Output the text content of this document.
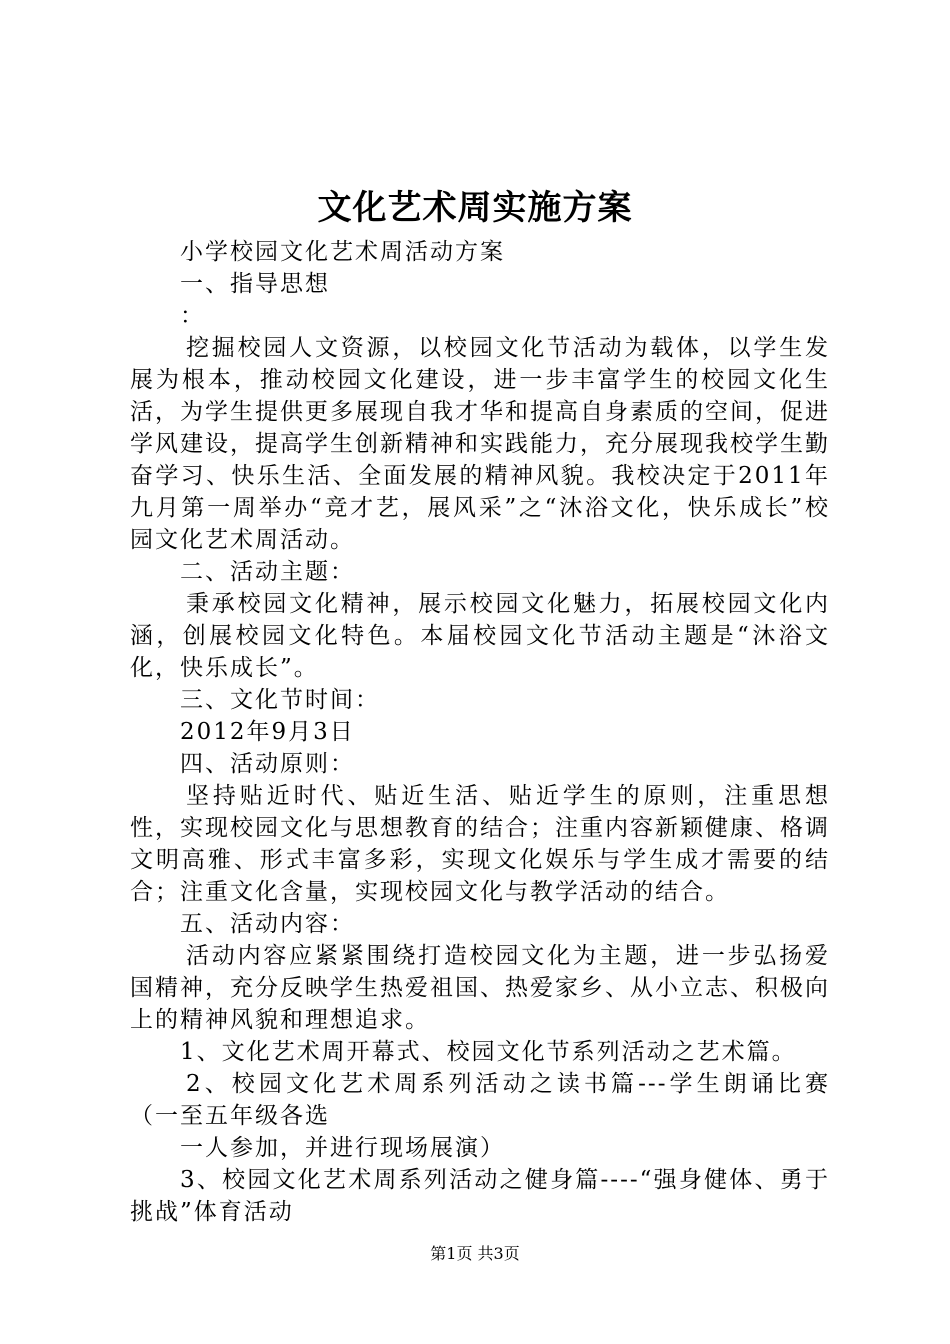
文化艺术周实施方案

小学校园文化艺术周活动方案

一、指导思想

：

挖掘校园人文资源，以校园文化节活动为载体，以学生发展为根本，推动校园文化建设，进一步丰富学生的校园文化生活，为学生提供更多展现自我才华和提高自身素质的空间，促进学风建设，提高学生创新精神和实践能力，充分展现我校学生勤奋学习、快乐生活、全面发展的精神风貌。我校决定于2011年九月第一周举办“竞才艺，展风采”之“沐浴文化，快乐成长”校园文化艺术周活动。

二、活动主题：

秉承校园文化精神，展示校园文化魅力，拓展校园文化内涵，创展校园文化特色。本届校园文化节活动主题是“沐浴文化，快乐成长”。

三、文化节时间：

2012年9月3日

四、活动原则：

坚持贴近时代、贴近生活、贴近学生的原则，注重思想性，实现校园文化与思想教育的结合；注重内容新颖健康、格调文明高雅、形式丰富多彩，实现文化娱乐与学生成才需要的结合；注重文化含量，实现校园文化与教学活动的结合。

五、活动内容：

活动内容应紧紧围绕打造校园文化为主题，进一步弘扬爱国精神，充分反映学生热爱祖国、热爱家乡、从小立志、积极向上的精神风貌和理想追求。

1、文化艺术周开幕式、校园文化节系列活动之艺术篇。

2、校园文化艺术周系列活动之读书篇---学生朗诵比赛（一至五年级各选

一人参加，并进行现场展演）

3、校园文化艺术周系列活动之健身篇----“强身健体、勇于挑战”体育活动

第1页 共3页
